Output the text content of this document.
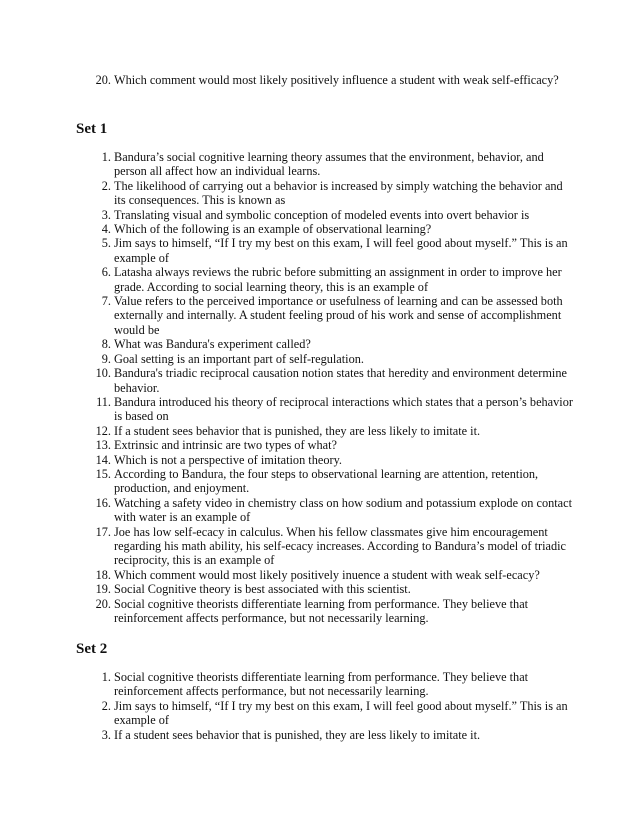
20. Which comment would most likely positively influence a student with weak self-efficacy?
Set 1
1. Bandura’s social cognitive learning theory assumes that the environment, behavior, and person all affect how an individual learns.
2. The likelihood of carrying out a behavior is increased by simply watching the behavior and its consequences. This is known as
3. Translating visual and symbolic conception of modeled events into overt behavior is
4. Which of the following is an example of observational learning?
5. Jim says to himself, “If I try my best on this exam, I will feel good about myself.” This is an example of
6. Latasha always reviews the rubric before submitting an assignment in order to improve her grade. According to social learning theory, this is an example of
7. Value refers to the perceived importance or usefulness of learning and can be assessed both externally and internally. A student feeling proud of his work and sense of accomplishment would be
8. What was Bandura's experiment called?
9. Goal setting is an important part of self-regulation.
10. Bandura's triadic reciprocal causation notion states that heredity and environment determine behavior.
11. Bandura introduced his theory of reciprocal interactions which states that a person’s behavior is based on
12. If a student sees behavior that is punished, they are less likely to imitate it.
13. Extrinsic and intrinsic are two types of what?
14. Which is not a perspective of imitation theory.
15. According to Bandura, the four steps to observational learning are attention, retention, production, and enjoyment.
16. Watching a safety video in chemistry class on how sodium and potassium explode on contact with water is an example of
17. Joe has low self-ecacy in calculus. When his fellow classmates give him encouragement regarding his math ability, his self-ecacy increases. According to Bandura’s model of triadic reciprocity, this is an example of
18. Which comment would most likely positively inuence a student with weak self-ecacy?
19. Social Cognitive theory is best associated with this scientist.
20. Social cognitive theorists differentiate learning from performance. They believe that reinforcement affects performance, but not necessarily learning.
Set 2
1. Social cognitive theorists differentiate learning from performance. They believe that reinforcement affects performance, but not necessarily learning.
2. Jim says to himself, “If I try my best on this exam, I will feel good about myself.” This is an example of
3. If a student sees behavior that is punished, they are less likely to imitate it.
